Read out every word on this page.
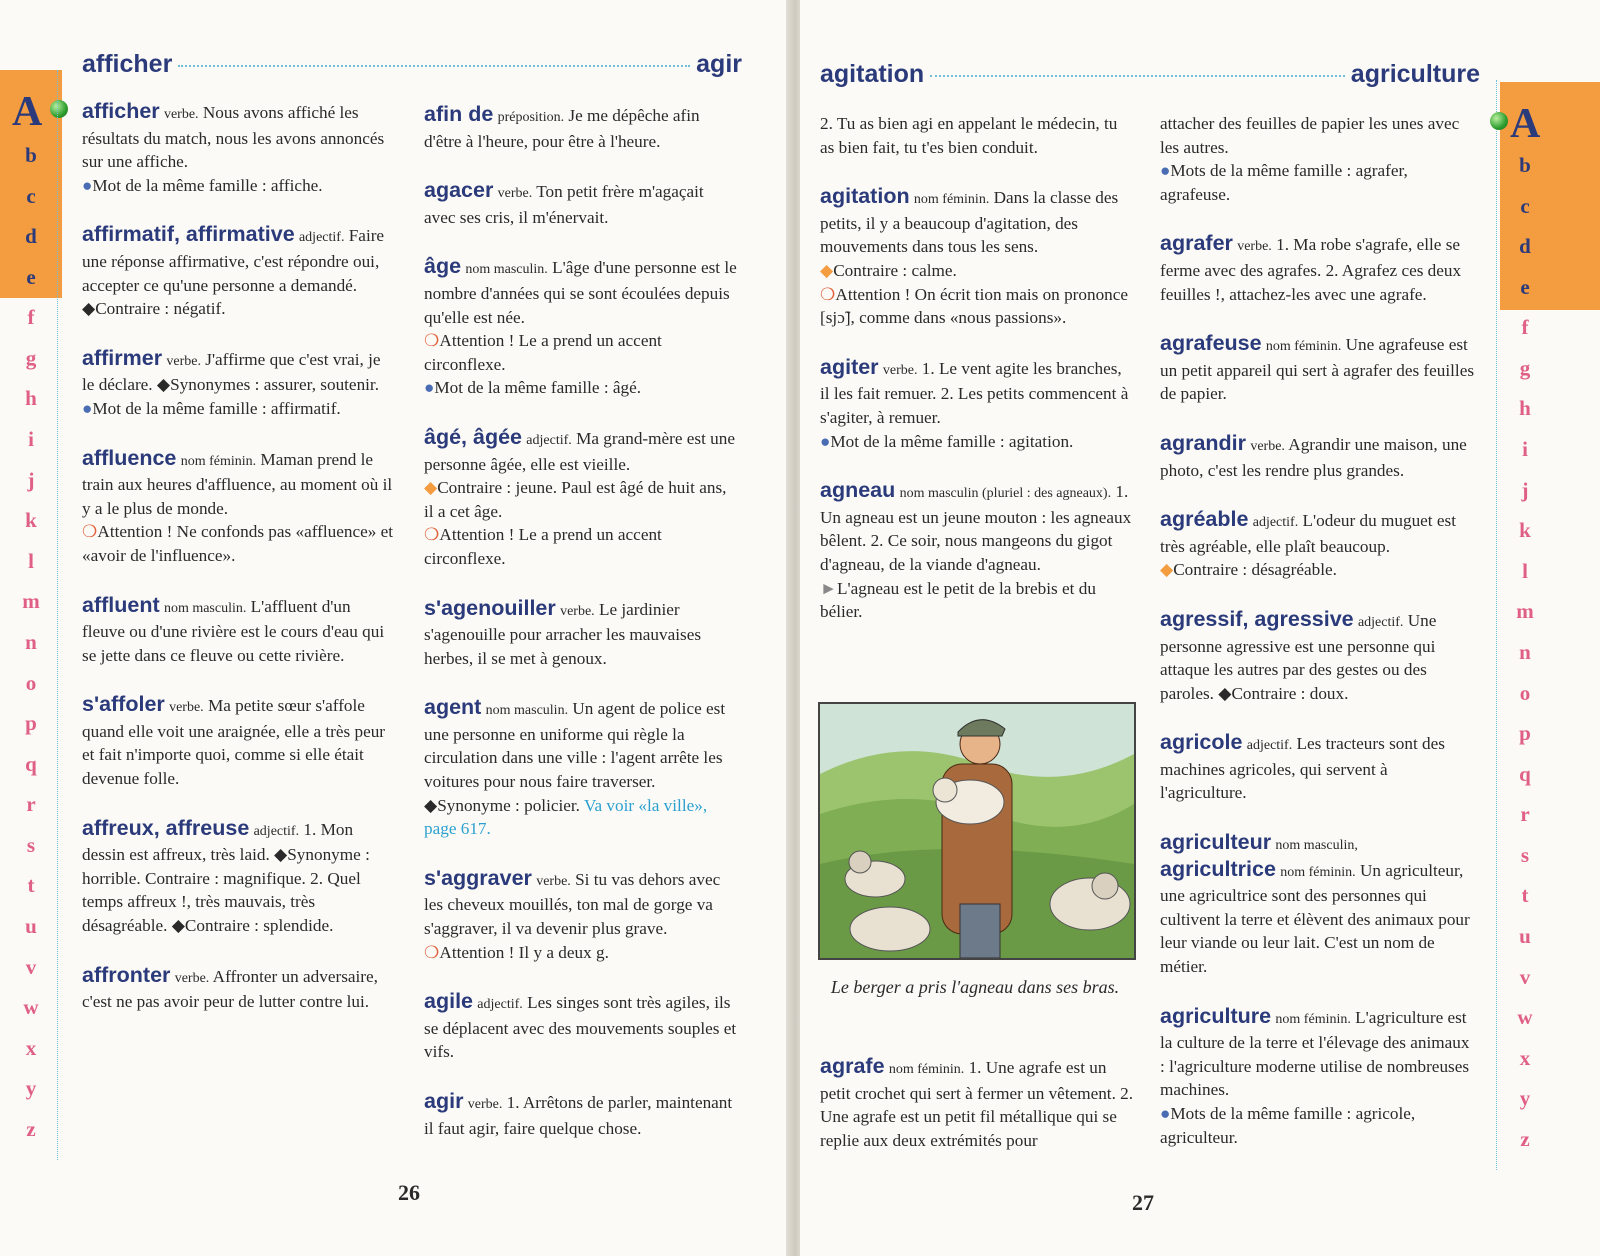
A
b
c
d
e
f
g
h
i
j
k
l
m
n
o
p
q
r
s
t
u
v
w
x
y
z
afficher	agir

afficher verbe. Nous avons affiché les résultats du match, nous les avons annoncés sur une affiche.

●Mot de la même famille : affiche.

affirmatif, affirmative adjectif. Faire une réponse affirmative, c'est répondre oui, accepter ce qu'une personne a demandé. ◆Contraire : négatif.

affirmer verbe. J'affirme que c'est vrai, je le déclare. ◆Synonymes : assurer, soutenir.

●Mot de la même famille : affirmatif.

affluence nom féminin. Maman prend le train aux heures d'affluence, au moment où il y a le plus de monde.

❍Attention ! Ne confonds pas «affluence» et «avoir de l'influence».

affluent nom masculin. L'affluent d'un fleuve ou d'une rivière est le cours d'eau qui se jette dans ce fleuve ou cette rivière.

s'affoler verbe. Ma petite sœur s'affole quand elle voit une araignée, elle a très peur et fait n'importe quoi, comme si elle était devenue folle.

affreux, affreuse adjectif. 1. Mon dessin est affreux, très laid. ◆Synonyme : horrible. Contraire : magnifique. 2. Quel temps affreux !, très mauvais, très désagréable. ◆Contraire : splendide.

affronter verbe. Affronter un adversaire, c'est ne pas avoir peur de lutter contre lui.

afin de préposition. Je me dépêche afin d'être à l'heure, pour être à l'heure.

agacer verbe. Ton petit frère m'agaçait avec ses cris, il m'énervait.

âge nom masculin. L'âge d'une personne est le nombre d'années qui se sont écoulées depuis qu'elle est née.

❍Attention ! Le a prend un accent circonflexe.
●Mot de la même famille : âgé.

âgé, âgée adjectif. Ma grand-mère est une personne âgée, elle est vieille.

◆Contraire : jeune. Paul est âgé de huit ans, il a cet âge.
❍Attention ! Le a prend un accent circonflexe.

s'agenouiller verbe. Le jardinier s'agenouille pour arracher les mauvaises herbes, il se met à genoux.

agent nom masculin. Un agent de police est une personne en uniforme qui règle la circulation dans une ville : l'agent arrête les voitures pour nous faire traverser. ◆Synonyme : policier. Va voir «la ville», page 617.

s'aggraver verbe. Si tu vas dehors avec les cheveux mouillés, ton mal de gorge va s'aggraver, il va devenir plus grave.

❍Attention ! Il y a deux g.

agile adjectif. Les singes sont très agiles, ils se déplacent avec des mouvements souples et vifs.

agir verbe. 1. Arrêtons de parler, maintenant il faut agir, faire quelque chose.

26
agitation	agriculture
A
b
c
d
e
f
g
h
i
j
k
l
m
n
o
p
q
r
s
t
u
v
w
x
y
z
2. Tu as bien agi en appelant le médecin, tu as bien fait, tu t'es bien conduit.

agitation nom féminin. Dans la classe des petits, il y a beaucoup d'agitation, des mouvements dans tous les sens.

◆Contraire : calme.
❍Attention ! On écrit tion mais on prononce [sjɔ̃], comme dans «nous passions».

agiter verbe. 1. Le vent agite les branches, il les fait remuer. 2. Les petits commencent à s'agiter, à remuer.

●Mot de la même famille : agitation.

agneau nom masculin (pluriel : des agneaux). 1. Un agneau est un jeune mouton : les agneaux bêlent. 2. Ce soir, nous mangeons du gigot d'agneau, de la viande d'agneau.

►L'agneau est le petit de la brebis et du bélier.
Le berger a pris l'agneau dans ses bras.

agrafe nom féminin. 1. Une agrafe est un petit crochet qui sert à fermer un vêtement. 2. Une agrafe est un petit fil métallique qui se replie aux deux extrémités pour

attacher des feuilles de papier les unes avec les autres.

●Mots de la même famille : agrafer, agrafeuse.

agrafer verbe. 1. Ma robe s'agrafe, elle se ferme avec des agrafes. 2. Agrafez ces deux feuilles !, attachez-les avec une agrafe.

agrafeuse nom féminin. Une agrafeuse est un petit appareil qui sert à agrafer des feuilles de papier.

agrandir verbe. Agrandir une maison, une photo, c'est les rendre plus grandes.

agréable adjectif. L'odeur du muguet est très agréable, elle plaît beaucoup.

◆Contraire : désagréable.

agressif, agressive adjectif. Une personne agressive est une personne qui attaque les autres par des gestes ou des paroles. ◆Contraire : doux.

agricole adjectif. Les tracteurs sont des machines agricoles, qui servent à l'agriculture.

agriculteur nom masculin,
agricultrice nom féminin. Un agriculteur, une agricultrice sont des personnes qui cultivent la terre et élèvent des animaux pour leur viande ou leur lait. C'est un nom de métier.

agriculture nom féminin. L'agriculture est la culture de la terre et l'élevage des animaux : l'agriculture moderne utilise de nombreuses machines.

●Mots de la même famille : agricole, agriculteur.
27
